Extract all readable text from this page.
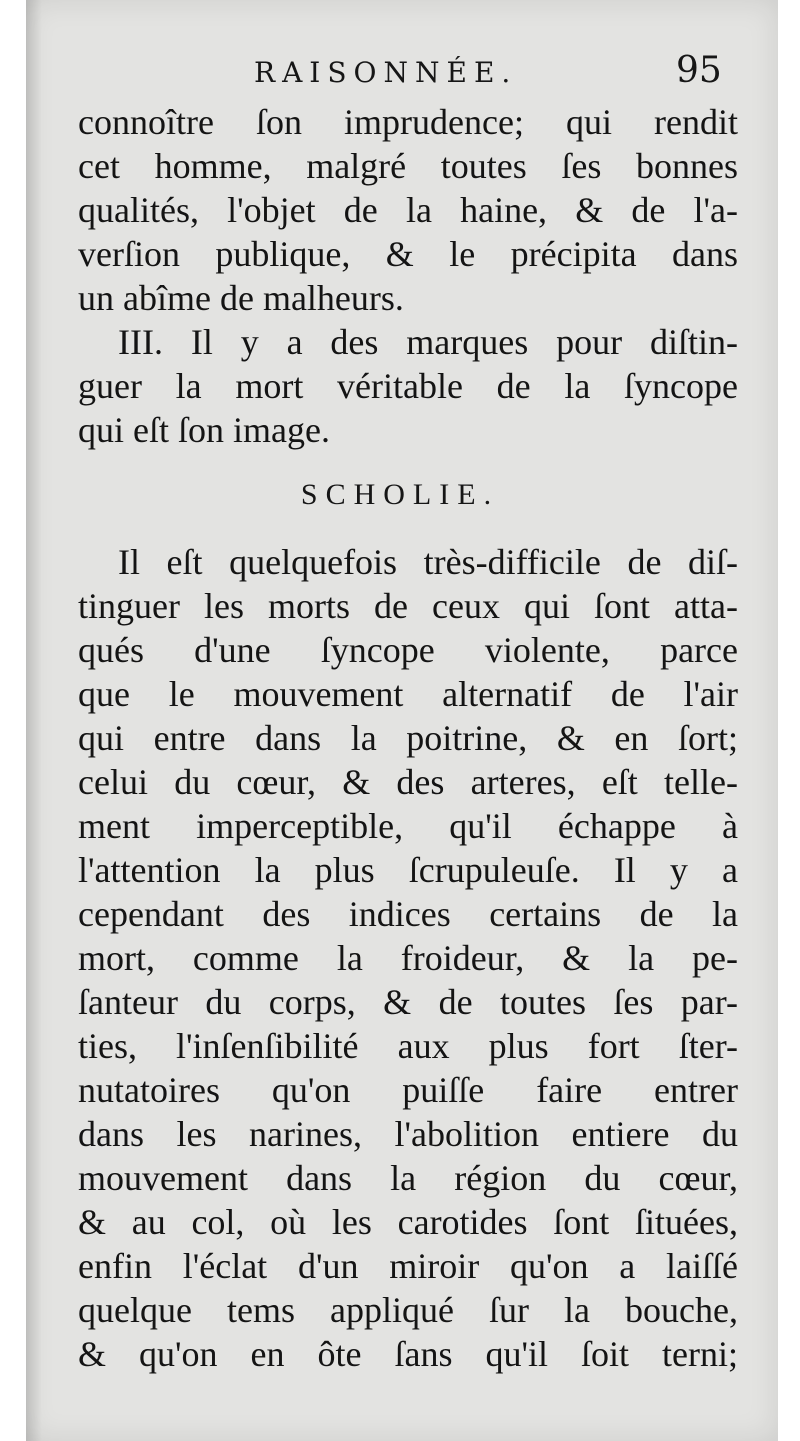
RAISONNÉE.	95
connoître ſon imprudence; qui rendit
cet homme, malgré toutes ſes bonnes
qualités, l'objet de la haine, & de l'a-
verſion publique, & le précipita dans
un abîme de malheurs.
III. Il y a des marques pour diſtin-
guer la mort véritable de la ſyncope
qui eſt ſon image.
SCHOLIE.
Il eſt quelquefois très-difficile de diſ-
tinguer les morts de ceux qui ſont atta-
qués d'une ſyncope violente, parce
que le mouvement alternatif de l'air
qui entre dans la poitrine, & en ſort;
celui du cœur, & des arteres, eſt telle-
ment imperceptible, qu'il échappe à
l'attention la plus ſcrupuleuſe. Il y a
cependant des indices certains de la
mort, comme la froideur, & la pe-
ſanteur du corps, & de toutes ſes par-
ties, l'inſenſibilité aux plus fort ſter-
nutatoires qu'on puiſſe faire entrer
dans les narines, l'abolition entiere du
mouvement dans la région du cœur,
& au col, où les carotides ſont ſituées,
enfin l'éclat d'un miroir qu'on a laiſſé
quelque tems appliqué ſur la bouche,
& qu'on en ôte ſans qu'il ſoit terni;
